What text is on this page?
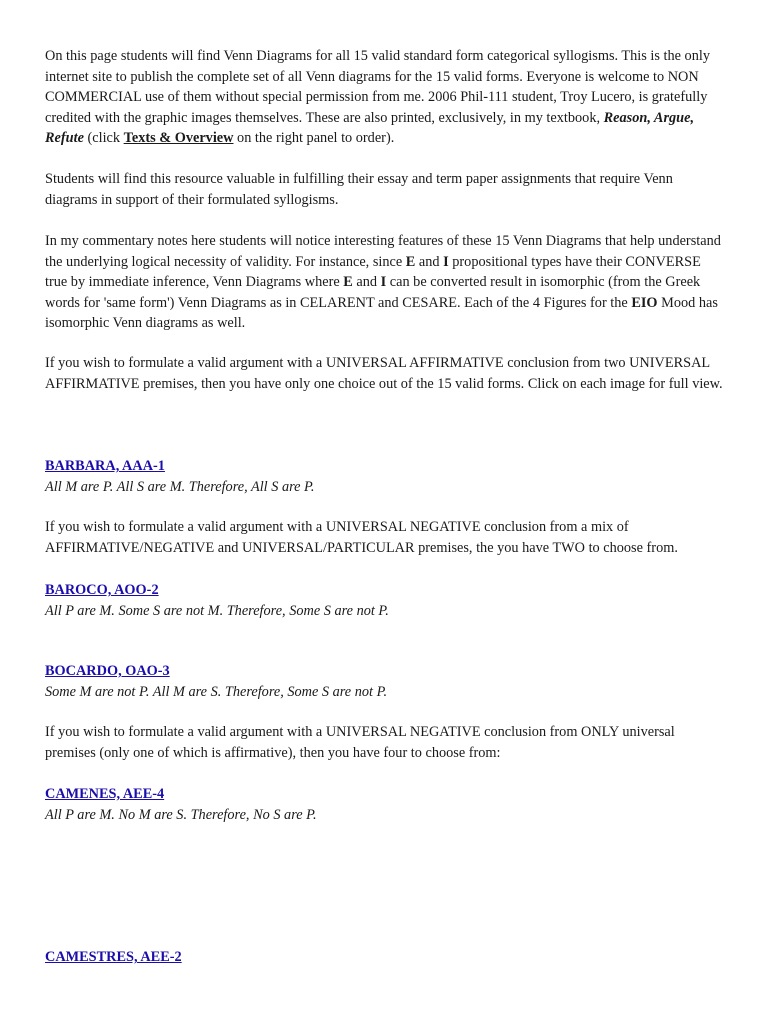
On this page students will find Venn Diagrams for all 15 valid standard form categorical syllogisms. This is the only internet site to publish the complete set of all Venn diagrams for the 15 valid forms. Everyone is welcome to NON COMMERCIAL use of them without special permission from me. 2006 Phil-111 student, Troy Lucero, is gratefully credited with the graphic images themselves. These are also printed, exclusively, in my textbook, Reason, Argue, Refute (click Texts & Overview on the right panel to order).

Students will find this resource valuable in fulfilling their essay and term paper assignments that require Venn diagrams in support of their formulated syllogisms.

In my commentary notes here students will notice interesting features of these 15 Venn Diagrams that help understand the underlying logical necessity of validity. For instance, since E and I propositional types have their CONVERSE true by immediate inference, Venn Diagrams where E and I can be converted result in isomorphic (from the Greek words for 'same form') Venn Diagrams as in CELARENT and CESARE. Each of the 4 Figures for the EIO Mood has isomorphic Venn diagrams as well.

If you wish to formulate a valid argument with a UNIVERSAL AFFIRMATIVE conclusion from two UNIVERSAL AFFIRMATIVE premises, then you have only one choice out of the 15 valid forms. Click on each image for full view.

BARBARA, AAA-1
All M are P. All S are M. Therefore, All S are P.

If you wish to formulate a valid argument with a UNIVERSAL NEGATIVE conclusion from a mix of AFFIRMATIVE/NEGATIVE and UNIVERSAL/PARTICULAR premises, the you have TWO to choose from.

BAROCO, AOO-2
All P are M. Some S are not M. Therefore, Some S are not P.
BOCARDO, OAO-3
Some M are not P. All M are S. Therefore, Some S are not P.

If you wish to formulate a valid argument with a UNIVERSAL NEGATIVE conclusion from ONLY universal premises (only one of which is affirmative), then you have four to choose from:

CAMENES, AEE-4
All P are M. No M are S. Therefore, No S are P.
CAMESTRES, AEE-2
